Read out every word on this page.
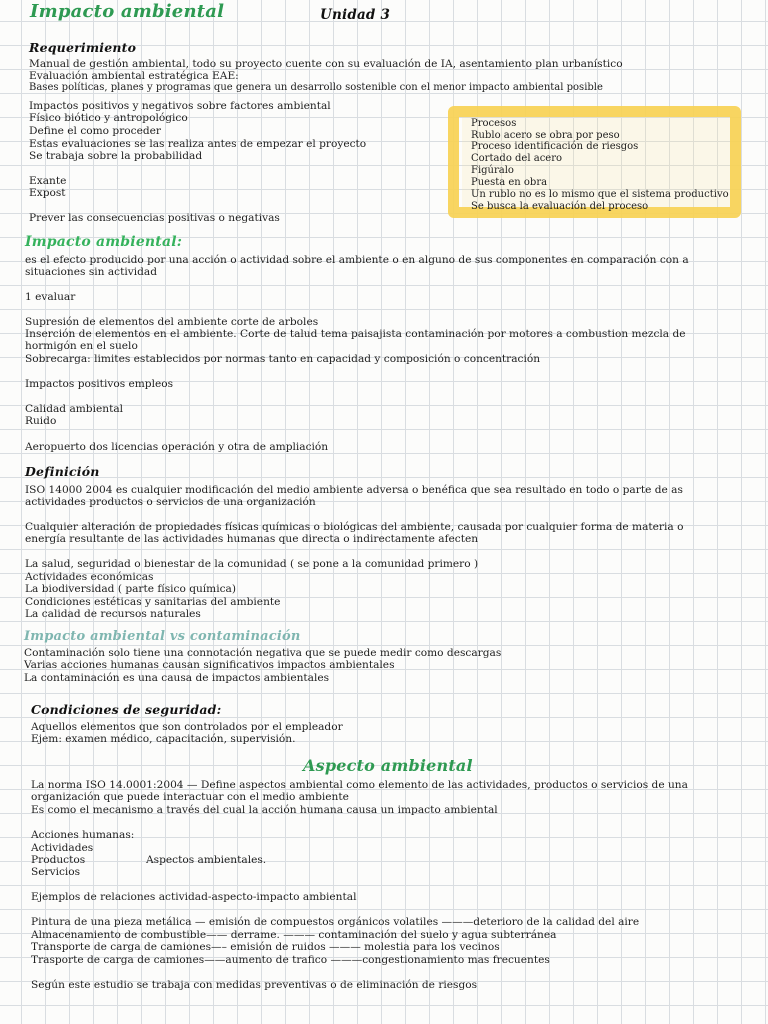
Impacto ambiental	Unidad 3
Requerimiento
Manual de gestión ambiental, todo su proyecto cuente con su evaluación de IA, asentamiento plan urbanístico
Evaluación ambiental estratégica EAE:
Bases políticas, planes y programas que genera un desarrollo sostenible con el menor impacto ambiental posible
Impactos positivos y negativos sobre factores ambiental
Físico biótico y antropológico
Define el como proceder
Estas evaluaciones se las realiza antes de empezar el proyecto
Se trabaja sobre la probabilidad
Exante
Expost
Prever las consecuencias positivas o negativas
Procesos
Rublo acero se obra por peso
Proceso identificación de riesgos
Cortado del acero
Figúralo
Puesta en obra
Un rublo no es lo mismo que el sistema productivo
Se busca la evaluación del proceso
Impacto ambiental:
es el efecto producido por una acción o actividad sobre el ambiente o en alguno de sus componentes en comparación con a situaciones sin actividad
1 evaluar
Supresión de elementos del ambiente corte de arboles
Inserción de elementos en el ambiente. Corte de talud tema paisajista contaminación por motores a combustion mezcla de hormigón en el suelo
Sobrecarga: limites establecidos por normas tanto en capacidad y composición o concentración
Impactos positivos empleos
Calidad ambiental
Ruido
Aeropuerto dos licencias operación y otra de ampliación
Definición
ISO 14000 2004 es cualquier modificación del medio ambiente adversa o benéfica que sea resultado en todo o parte de as actividades productos o servicios de una organización
Cualquier alteración de propiedades físicas químicas o biológicas del ambiente, causada por cualquier forma de materia o energía resultante de las actividades humanas que directa o indirectamente afecten
La salud, seguridad o bienestar de la comunidad ( se pone a la comunidad primero )
Actividades económicas
La biodiversidad ( parte físico química)
Condiciones estéticas y sanitarias del ambiente
La calidad de recursos naturales
Impacto ambiental vs contaminación
Contaminación solo tiene una connotación negativa que se puede medir como descargas
Varias acciones humanas causan significativos impactos ambientales
La contaminación es una causa de impactos ambientales
Condiciones de seguridad:
Aquellos elementos que son controlados por el empleador
Ejem: examen médico, capacitación, supervisión.
Aspecto ambiental
La norma ISO 14.0001:2004 — Define aspectos ambiental como elemento de las actividades, productos o servicios de una organización que puede interactuar con el medio ambiente
Es como el mecanismo a través del cual la acción humana causa un impacto ambiental
Acciones humanas:
Actividades
Productos	Aspectos ambientales.
Servicios
Ejemplos de relaciones actividad-aspecto-impacto ambiental
Pintura de una pieza metálica — emisión de compuestos orgánicos volatiles ———deterioro de la calidad del aire
Almacenamiento de combustible—— derrame. ——— contaminación del suelo y agua subterránea
Transporte de carga de camiones—– emisión de ruidos ——— molestia para los vecinos
Trasporte de carga de camiones——aumento de trafico ———congestionamiento mas frecuentes
Según este estudio se trabaja con medidas preventivas o de eliminación de riesgos
